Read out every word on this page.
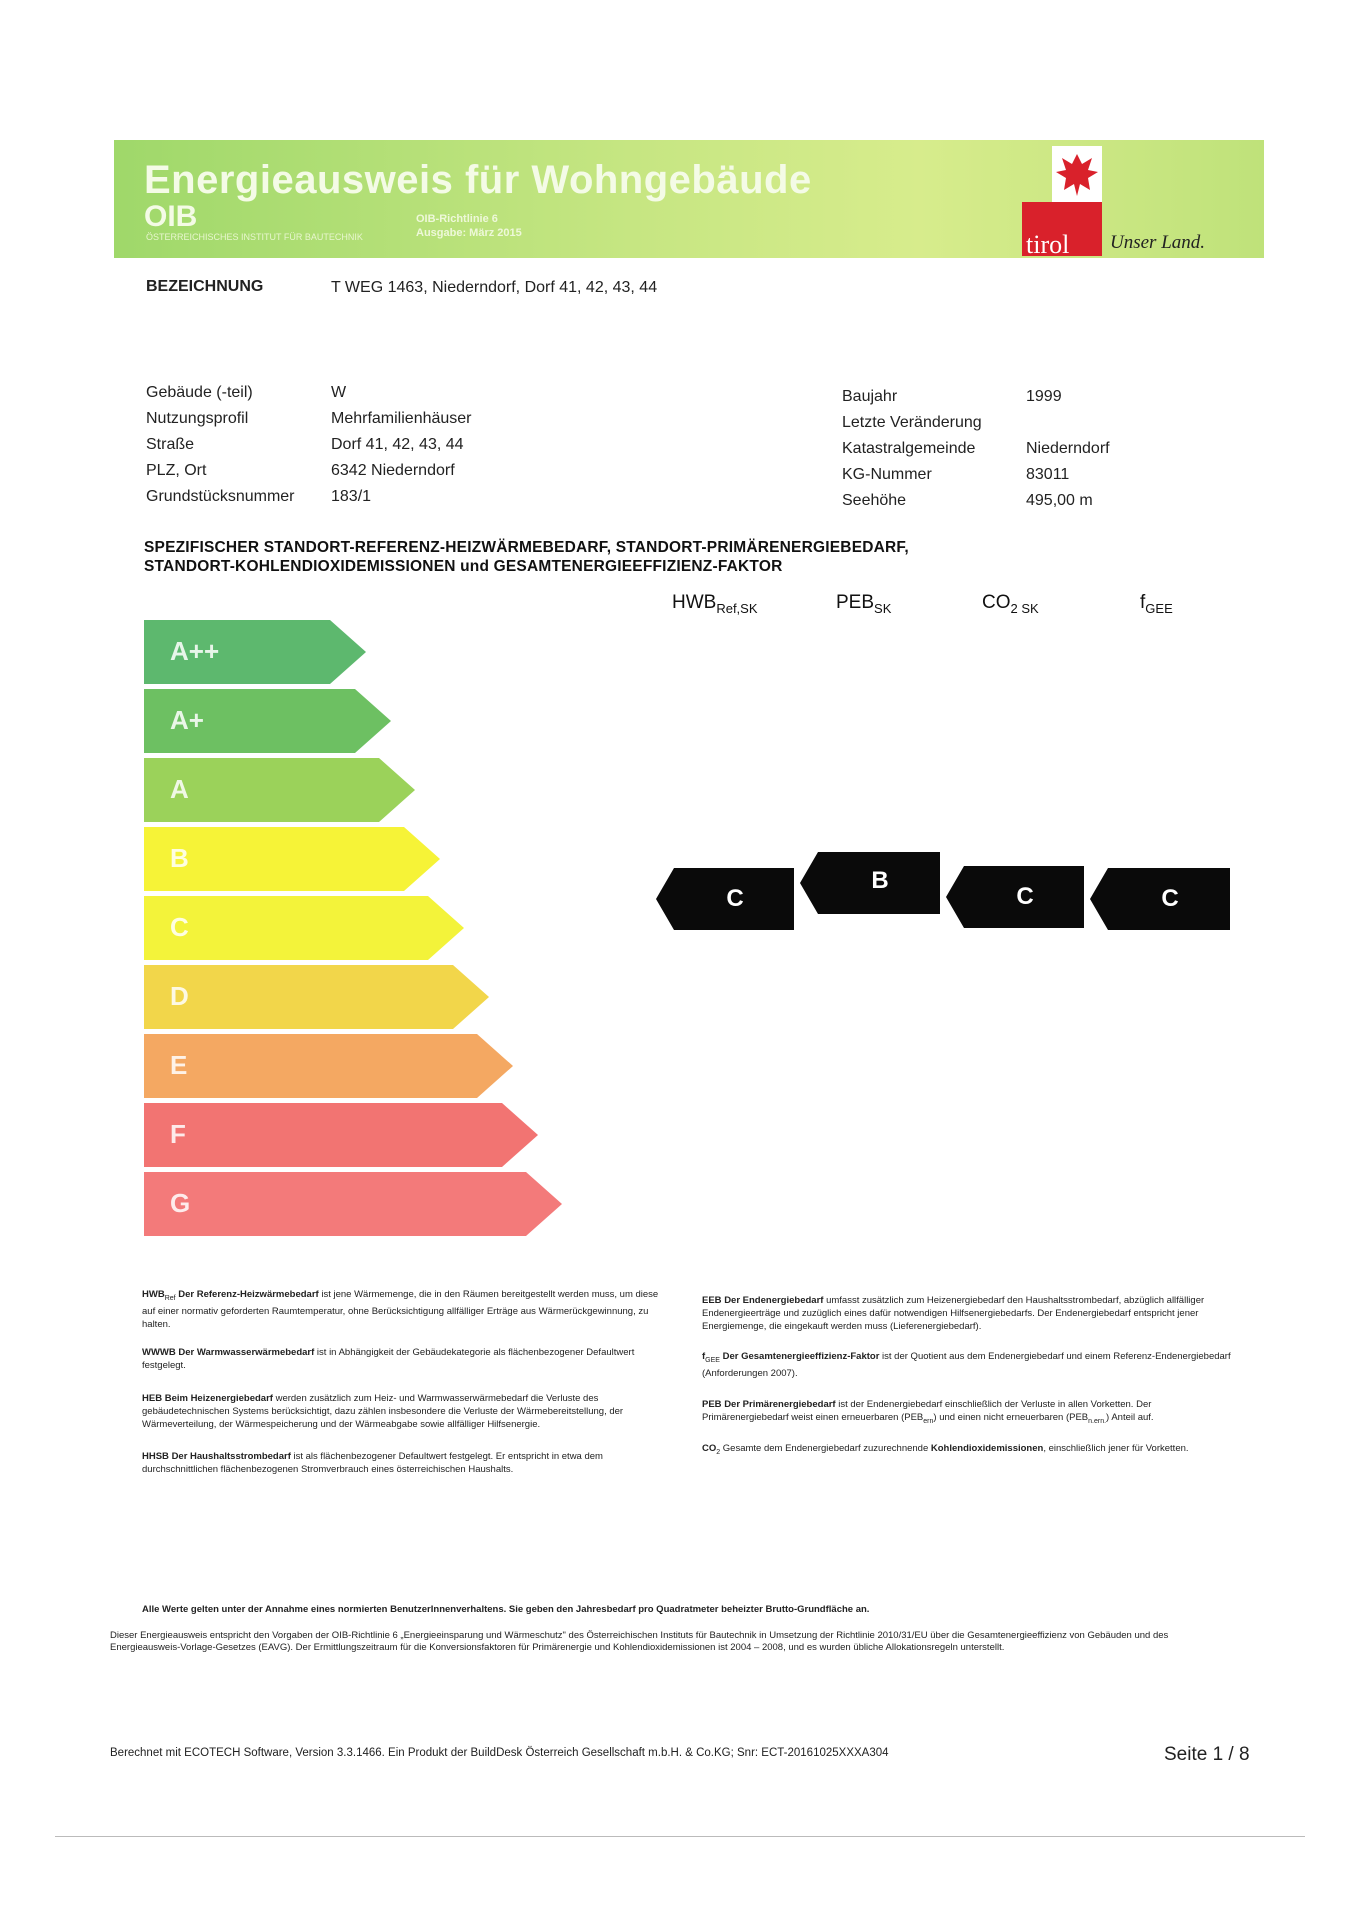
Energieausweis für Wohngebäude
OIB
ÖSTERREICHISCHES INSTITUT FÜR BAUTECHNIK
OIB-Richtlinie 6
Ausgabe: März 2015	tirol Unser Land.
BEZEICHNUNG	T WEG 1463, Niederndorf, Dorf 41, 42, 43, 44
Gebäude (-teil)	W
Nutzungsprofil	Mehrfamilienhäuser
Straße	Dorf 41, 42, 43, 44
PLZ, Ort	6342 Niederndorf
Grundstücksnummer 183/1
Baujahr	1999
Letzte Veränderung
Katastralgemeinde	Niederndorf
KG-Nummer	83011
Seehöhe	495,00 m
SPEZIFISCHER STANDORT-REFERENZ-HEIZWÄRMEBEDARF, STANDORT-PRIMÄRENERGIEBEDARF,
STANDORT-KOHLENDIOXIDEMISSIONEN und GESAMTENERGIEEFFIZIENZ-FAKTOR
$HWB_{Ref,SK}$	$PEB_{SK}$	$CO_{2 SK}$	$f_{GEE}$
A++
A+
A
B
C
D
E
F
G
C
B
C	C
$HWB_{Ref}$ Der Referenz-Heizwärmebedarf ist jene Wärmemenge, die in den Räumen bereitgestellt werden muss, um diese auf einer normativ geforderten Raumtemperatur, ohne Berücksichtigung allfälliger Erträge aus Wärmerückgewinnung, zu halten.
WWWB Der Warmwasserwärmebedarf ist in Abhängigkeit der Gebäudekategorie als flächenbezogener Defaultwert festgelegt.
HEB Beim Heizenergiebedarf werden zusätzlich zum Heiz- und Warmwasserwärmebedarf die Verluste des gebäudetechnischen Systems berücksichtigt, dazu zählen insbesondere die Verluste der Wärmebereitstellung, der Wärmeverteilung, der Wärmespeicherung und der Wärmeabgabe sowie allfälliger Hilfsenergie.
HHSB Der Haushaltsstrombedarf ist als flächenbezogener Defaultwert festgelegt. Er entspricht in etwa dem durchschnittlichen flächenbezogenen Stromverbrauch eines österreichischen Haushalts.
EEB Der Endenergiebedarf umfasst zusätzlich zum Heizenergiebedarf den Haushaltsstrombedarf, abzüglich allfälliger Endenergieerträge und zuzüglich eines dafür notwendigen Hilfsenergiebedarfs. Der Endenergiebedarf entspricht jener Energiemenge, die eingekauft werden muss (Lieferenergiebedarf).
$f_{GEE}$ Der Gesamtenergieeffizienz-Faktor ist der Quotient aus dem Endenergiebedarf und einem Referenz-Endenergiebedarf (Anforderungen 2007).
PEB Der Primärenergiebedarf ist der Endenergiebedarf einschließlich der Verluste in allen Vorketten. Der Primärenergiebedarf weist einen erneuerbaren $(PEB_{ern})$ und einen nicht erneuerbaren $(PEB_{n.ern.})$ Anteil auf.
$CO_2$ Gesamte dem Endenergiebedarf zuzurechnende Kohlendioxidemissionen, einschließlich jener für Vorketten.
Alle Werte gelten unter der Annahme eines normierten BenutzerInnenverhaltens. Sie geben den Jahresbedarf pro Quadratmeter beheizter Brutto-Grundfläche an.
Dieser Energieausweis entspricht den Vorgaben der OIB-Richtlinie 6 „Energieeinsparung und Wärmeschutz" des Österreichischen Instituts für Bautechnik in Umsetzung der Richtlinie 2010/31/EU über die Gesamtenergieeffizienz von Gebäuden und des Energieausweis-Vorlage-Gesetzes (EAVG). Der Ermittlungszeitraum für die Konversionsfaktoren für Primärenergie und Kohlendioxidemissionen ist 2004 – 2008, und es wurden übliche Allokationsregeln unterstellt.
Berechnet mit ECOTECH Software, Version 3.3.1466. Ein Produkt der BuildDesk Österreich Gesellschaft m.b.H. & Co.KG; Snr: ECT-20161025XXXA304	Seite 1 / 8
